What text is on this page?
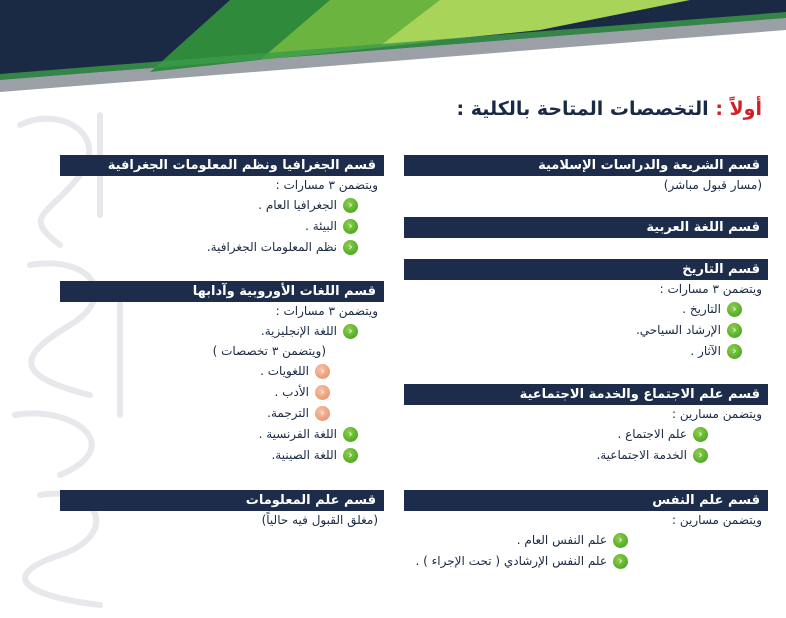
أولاً : التخصصات المتاحة بالكلية :
قسم الشريعة والدراسات الإسلامية
(مسار قبول مباشر)
قسم اللغة العربية
قسم التاريخ
ويتضمن ٣ مسارات :
‹
التاريخ .
‹
الإرشاد السياحي.
‹
الآثار .
قسم علم الاجتماع والخدمة الاجتماعية
ويتضمن مسارين :
‹
علم الاجتماع .
‹
الخدمة الاجتماعية.
قسم علم النفس
ويتضمن مسارين :
‹
علم النفس العام .
‹
علم النفس الإرشادي ( تحت الإجراء ) .
قسم الجغرافيا ونظم المعلومات الجغرافية
ويتضمن ٣ مسارات :
‹
الجغرافيا العام .
‹
البيئة .
‹
نظم المعلومات الجغرافية.
قسم اللغات الأوروبية وآدابها
ويتضمن ٣ مسارات :
‹
اللغة الإنجليزية.
(ويتضمن ٣ تخصصات )
‹
اللغويات .
‹
الأدب .
‹
الترجمة.
‹
اللغة الفرنسية .
‹
اللغة الصينية.
قسم علم المعلومات
(مغلق القبول فيه حالياً)
